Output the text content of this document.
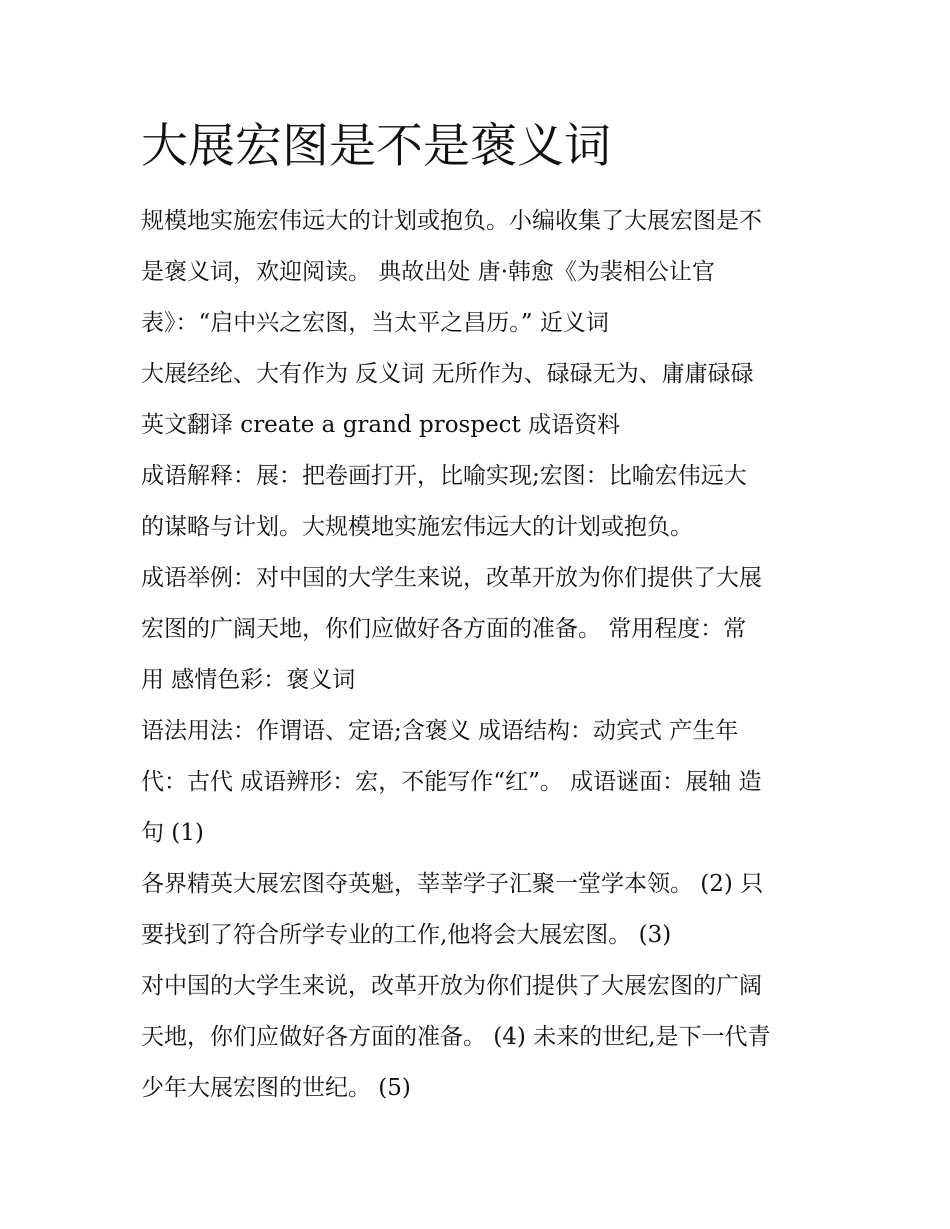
大展宏图是不是褒义词
规模地实施宏伟远大的计划或抱负。小编收集了大展宏图是不
是褒义词，欢迎阅读。 典故出处 唐·韩愈《为裴相公让官
表》：“启中兴之宏图，当太平之昌历。” 近义词
大展经纶、大有作为 反义词 无所作为、碌碌无为、庸庸碌碌
英文翻译 create a grand prospect 成语资料
成语解释：展：把卷画打开，比喻实现;宏图：比喻宏伟远大
的谋略与计划。大规模地实施宏伟远大的计划或抱负。
成语举例：对中国的大学生来说，改革开放为你们提供了大展
宏图的广阔天地，你们应做好各方面的准备。 常用程度：常
用 感情色彩：褒义词
语法用法：作谓语、定语;含褒义 成语结构：动宾式 产生年
代：古代 成语辨形：宏，不能写作“红”。 成语谜面：展轴 造
句 (1)
各界精英大展宏图夺英魁，莘莘学子汇聚一堂学本领。 (2) 只
要找到了符合所学专业的工作,他将会大展宏图。 (3)
对中国的大学生来说，改革开放为你们提供了大展宏图的广阔
天地，你们应做好各方面的准备。 (4) 未来的世纪,是下一代青
少年大展宏图的世纪。 (5)
